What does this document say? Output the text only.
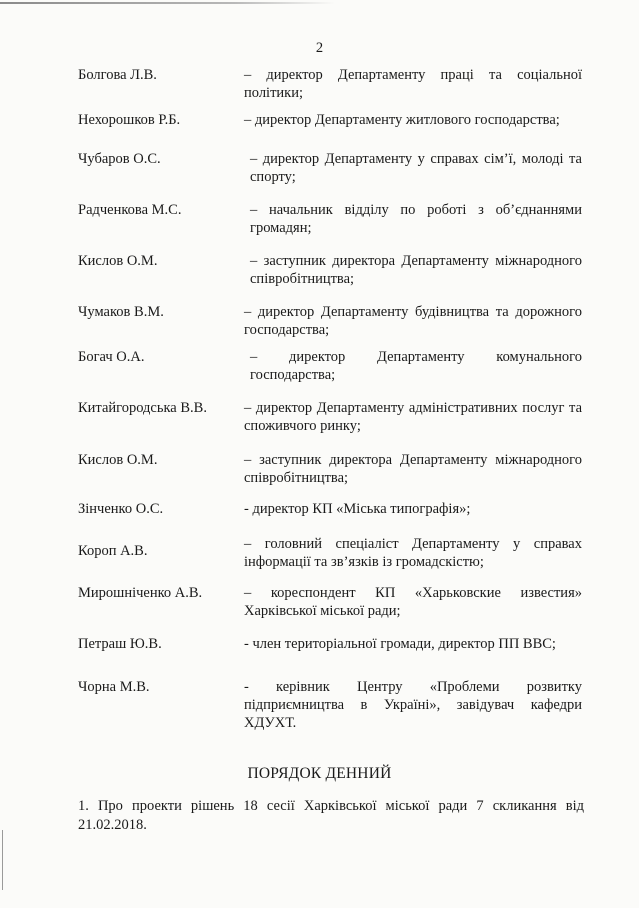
2
Болгова Л.В.	– директор Департаменту праці та соціальної політики;
Нехорошков Р.Б.	– директор Департаменту житлового господарства;
Чубаров О.С.	– директор Департаменту у справах сім’ї, молоді та спорту;
Радченкова М.С.	– начальник відділу по роботі з об’єднаннями громадян;
Кислов О.М.	– заступник директора Департаменту міжнародного співробітництва;
Чумаков В.М.	– директор Департаменту будівництва та дорожного господарства;
Богач О.А.	– директор Департаменту комунального господарства;
Китайгородська В.В.	– директор Департаменту адміністративних послуг та споживчого ринку;
Кислов О.М.	– заступник директора Департаменту міжнародного співробітництва;
Зінченко О.С.	- директор КП «Міська типографія»;
Короп А.В.	– головний спеціаліст Департаменту у справах інформації та зв’язків із громадскістю;
Мирошніченко А.В.	– кореспондент КП «Харьковские известия» Харківської міської ради;
Петраш Ю.В.	- член територіальної громади, директор ПП ВВС;
Чорна М.В.	- керівник Центру «Проблеми розвитку підприємництва в Україні», завідувач кафедри ХДУХТ.
ПОРЯДОК ДЕННИЙ
1. Про проекти рішень 18 сесії Харківської міської ради 7 скликання від 21.02.2018.
